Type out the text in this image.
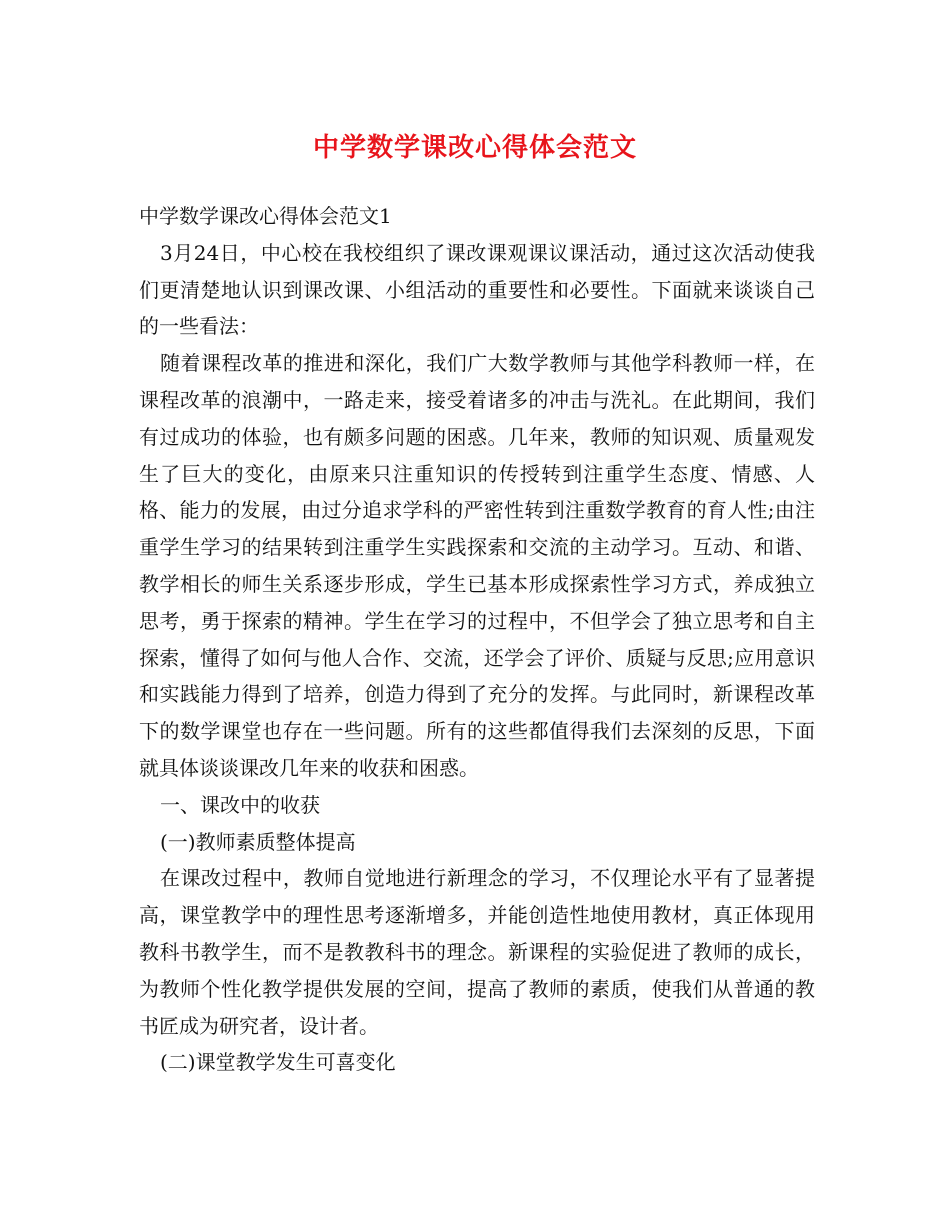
中学数学课改心得体会范文

中学数学课改心得体会范文1

3月24日，中心校在我校组织了课改课观课议课活动，通过这次活动使我们更清楚地认识到课改课、小组活动的重要性和必要性。下面就来谈谈自己的一些看法：

随着课程改革的推进和深化，我们广大数学教师与其他学科教师一样，在课程改革的浪潮中，一路走来，接受着诸多的冲击与洗礼。在此期间，我们有过成功的体验，也有颇多问题的困惑。几年来，教师的知识观、质量观发生了巨大的变化，由原来只注重知识的传授转到注重学生态度、情感、人格、能力的发展，由过分追求学科的严密性转到注重数学教育的育人性;由注重学生学习的结果转到注重学生实践探索和交流的主动学习。互动、和谐、教学相长的师生关系逐步形成，学生已基本形成探索性学习方式，养成独立思考，勇于探索的精神。学生在学习的过程中，不但学会了独立思考和自主探索，懂得了如何与他人合作、交流，还学会了评价、质疑与反思;应用意识和实践能力得到了培养，创造力得到了充分的发挥。与此同时，新课程改革下的数学课堂也存在一些问题。所有的这些都值得我们去深刻的反思，下面就具体谈谈课改几年来的收获和困惑。

一、课改中的收获

(一)教师素质整体提高

在课改过程中，教师自觉地进行新理念的学习，不仅理论水平有了显著提高，课堂教学中的理性思考逐渐增多，并能创造性地使用教材，真正体现用教科书教学生，而不是教教科书的理念。新课程的实验促进了教师的成长，为教师个性化教学提供发展的空间，提高了教师的素质，使我们从普通的教书匠成为研究者，设计者。

(二)课堂教学发生可喜变化
